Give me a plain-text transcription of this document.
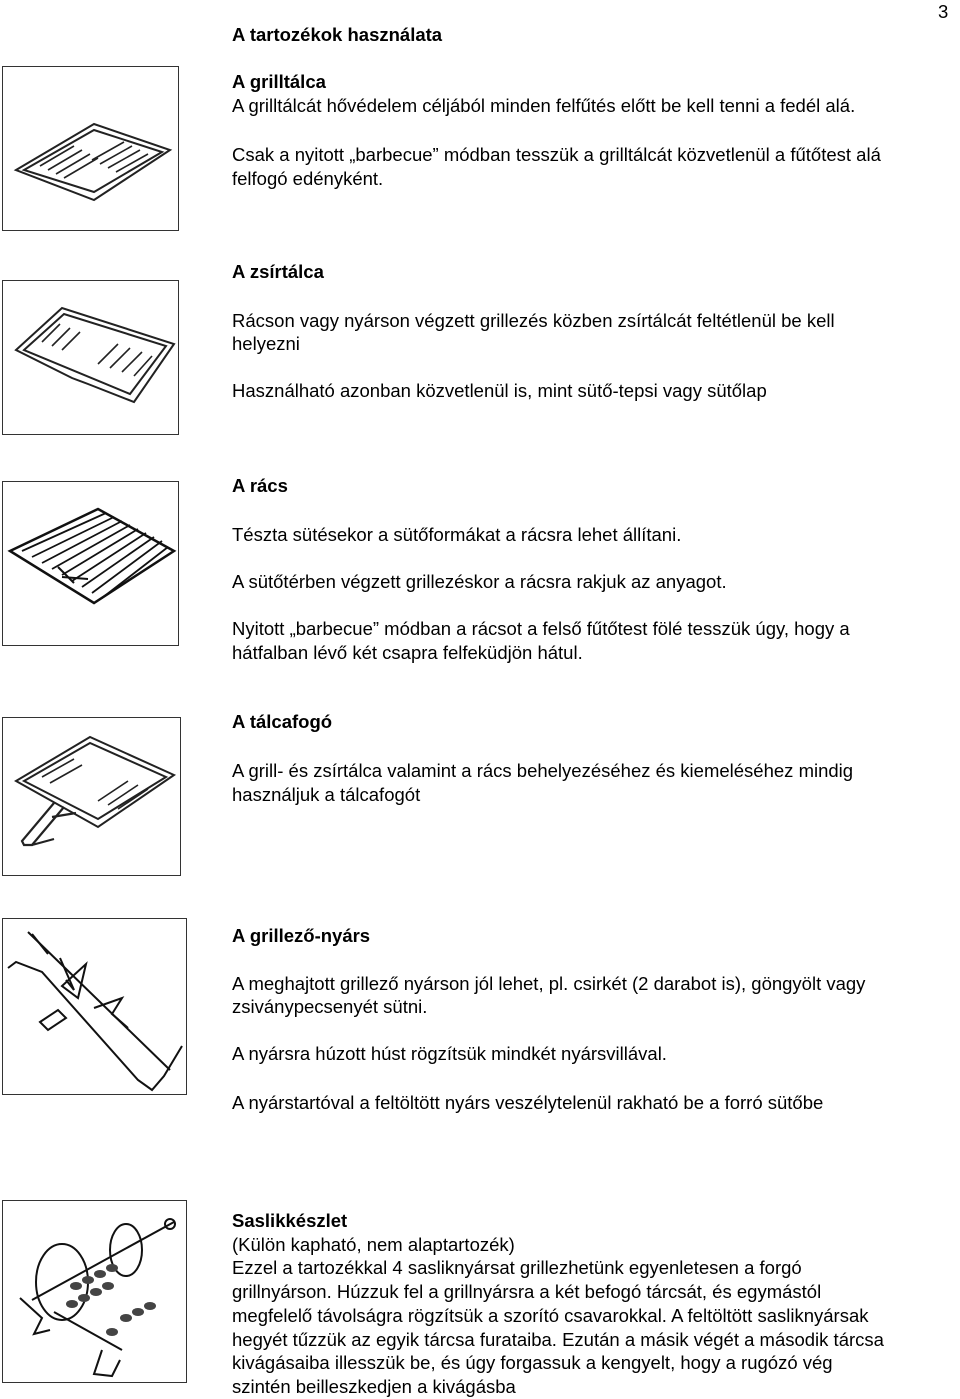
3
A tartozékok használata
A grilltálca
A grilltálcát hővédelem céljából minden felfűtés előtt be kell tenni a fedél alá.
Csak a nyitott „barbecue” módban tesszük a grilltálcát közvetlenül a fűtőtest alá
felfogó edényként.
A zsírtálca
Rácson vagy nyárson végzett grillezés közben zsírtálcát feltétlenül be kell
helyezni
Használható azonban közvetlenül is, mint sütő-tepsi vagy sütőlap
A rács
Tészta sütésekor a sütőformákat a rácsra lehet állítani.
A sütőtérben végzett grillezéskor a rácsra rakjuk az anyagot.
Nyitott „barbecue” módban a rácsot a felső fűtőtest fölé tesszük úgy, hogy a
hátfalban lévő két csapra felfeküdjön hátul.
A tálcafogó
A grill- és zsírtálca valamint a rács behelyezéséhez és kiemeléséhez mindig
használjuk a tálcafogót
A grillező-nyárs
A meghajtott grillező nyárson jól lehet, pl. csirkét (2 darabot is), göngyölt vagy
zsiványpecsenyét sütni.
A nyársra húzott húst rögzítsük mindkét nyársvillával.
A nyárstartóval a feltöltött nyárs veszélytelenül rakható be a forró sütőbe
Saslikkészlet
(Külön kapható, nem alaptartozék)
Ezzel a tartozékkal 4 sasliknyársat grillezhetünk egyenletesen a forgó
grillnyárson. Húzzuk fel a grillnyársra a két befogó tárcsát, és egymástól
megfelelő távolságra rögzítsük a szorító csavarokkal. A feltöltött sasliknyársak
hegyét tűzzük az egyik tárcsa furataiba. Ezután a másik végét a második tárcsa
kivágásaiba illesszük be, és úgy forgassuk a kengyelt, hogy a rugózó vég
szintén beilleszkedjen a kivágásba
